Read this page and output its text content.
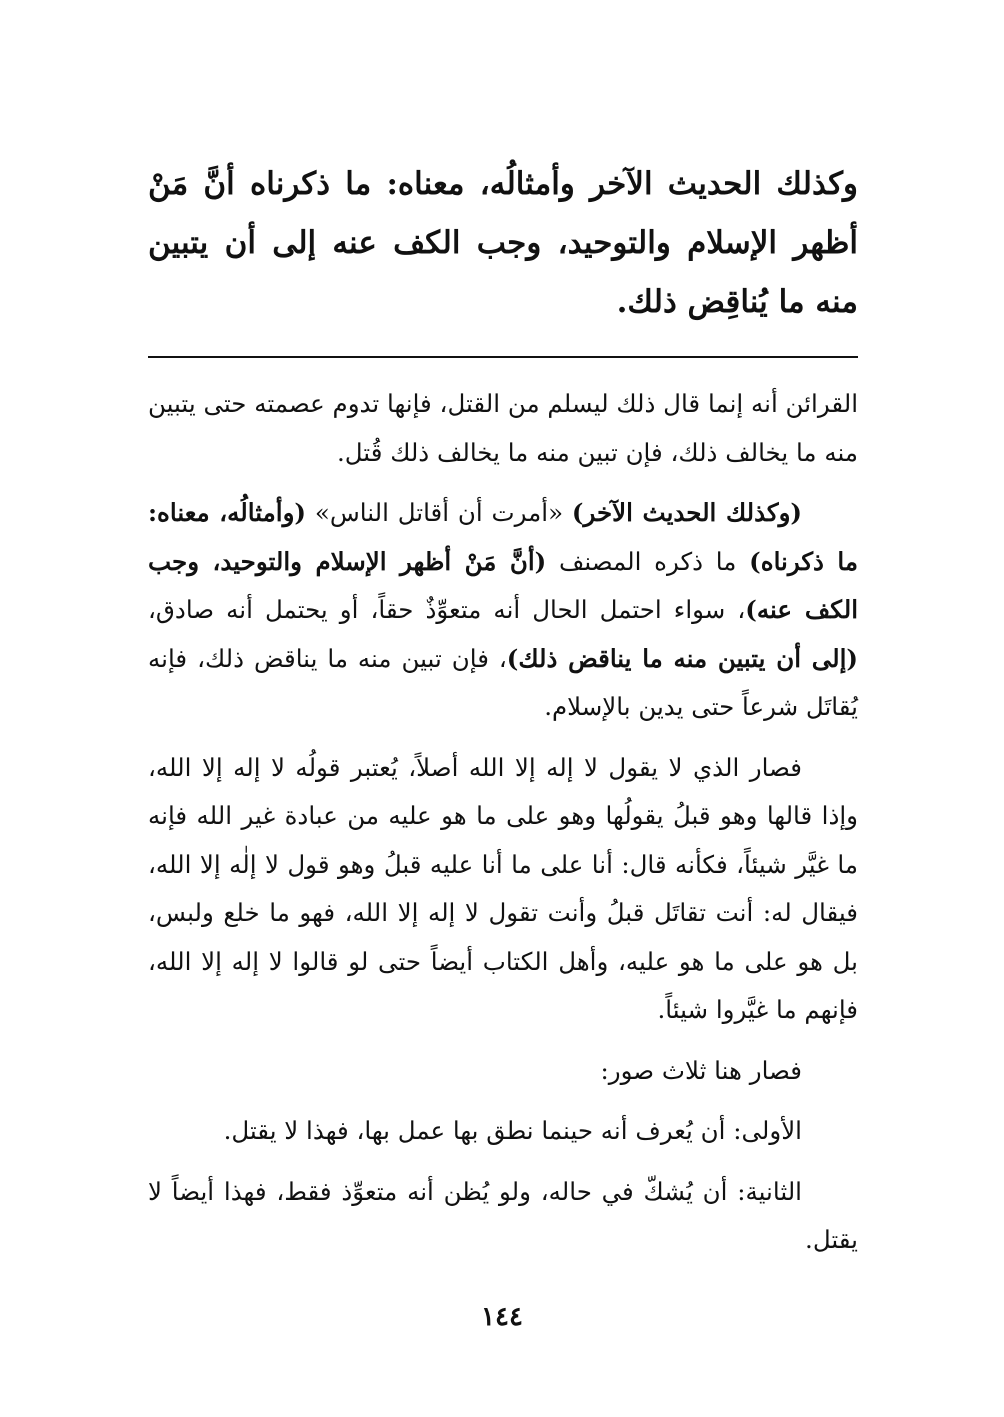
وكذلك الحديث الآخر وأمثالُه، معناه: ما ذكرناه أنَّ مَنْ أظهر الإسلام والتوحيد، وجب الكف عنه إلى أن يتبين منه ما يُناقِض ذلك.

القرائن أنه إنما قال ذلك ليسلم من القتل، فإنها تدوم عصمته حتى يتبين منه ما يخالف ذلك، فإن تبين منه ما يخالف ذلك قُتل.

(وكذلك الحديث الآخر) «أمرت أن أقاتل الناس» (وأمثالُه، معناه: ما ذكرناه) ما ذكره المصنف (أنَّ مَنْ أظهر الإسلام والتوحيد، وجب الكف عنه)، سواء احتمل الحال أنه متعوِّذٌ حقاً، أو يحتمل أنه صادق، (إلى أن يتبين منه ما يناقض ذلك)، فإن تبين منه ما يناقض ذلك، فإنه يُقاتَل شرعاً حتى يدين بالإسلام.

فصار الذي لا يقول لا إله إلا الله أصلاً، يُعتبر قولُه لا إله إلا الله، وإذا قالها وهو قبلُ يقولُها وهو على ما هو عليه من عبادة غير الله فإنه ما غيَّر شيئاً، فكأنه قال: أنا على ما أنا عليه قبلُ وهو قول لا إلٰه إلا الله، فيقال له: أنت تقاتَل قبلُ وأنت تقول لا إله إلا الله، فهو ما خلع ولبس، بل هو على ما هو عليه، وأهل الكتاب أيضاً حتى لو قالوا لا إله إلا الله، فإنهم ما غيَّروا شيئاً.

فصار هنا ثلاث صور:

الأولى: أن يُعرف أنه حينما نطق بها عمل بها، فهذا لا يقتل.

الثانية: أن يُشكّ في حاله، ولو يُظن أنه متعوِّذ فقط، فهذا أيضاً لا يقتل.

١٤٤
